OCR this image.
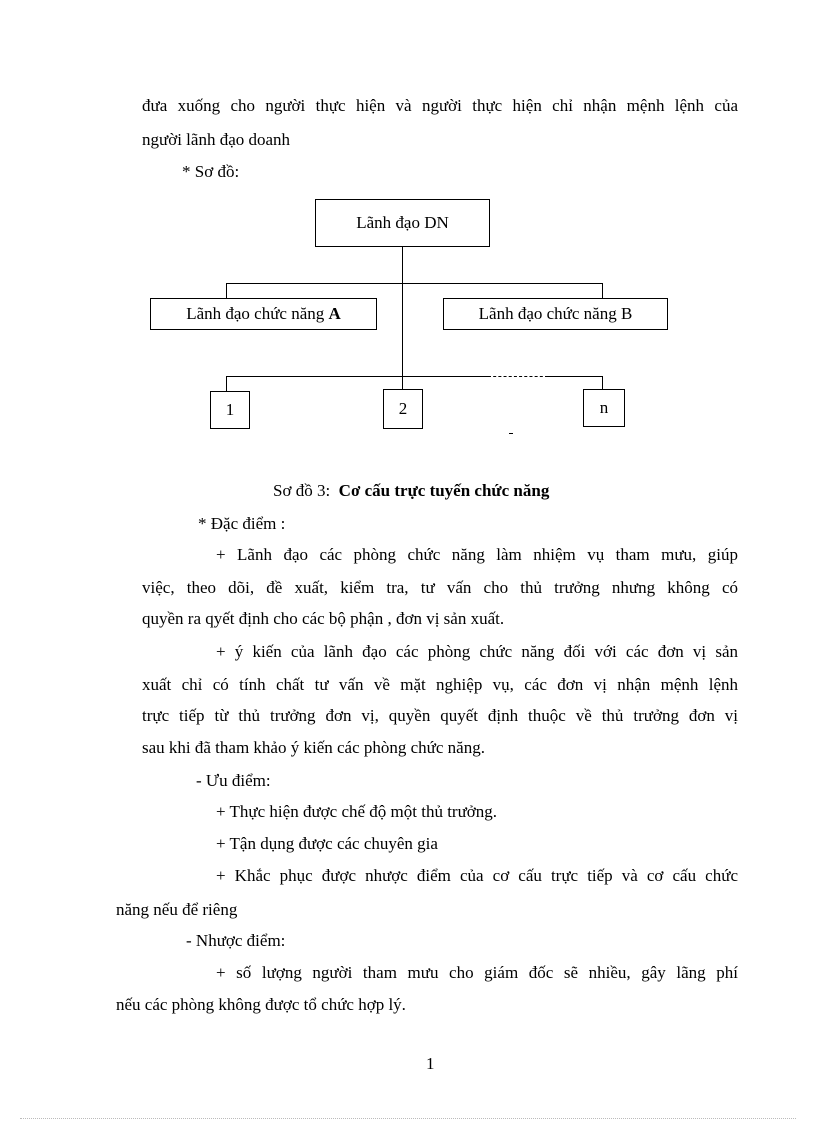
đưa xuống cho người thực hiện và người thực hiện chỉ nhận mệnh lệnh của
người lãnh đạo doanh
* Sơ đồ:
Lãnh đạo DN
Lãnh đạo chức năng A	Lãnh đạo chức năng B
1	2	n
Sơ đồ 3: Cơ cấu trực tuyến chức năng
* Đặc điểm :
+ Lãnh đạo các phòng chức năng làm nhiệm vụ tham mưu, giúp
việc, theo dõi, đề xuất, kiểm tra, tư vấn cho thủ trưởng nhưng không có
quyền ra qyết định cho các bộ phận , đơn vị sản xuất.
+ ý kiến của lãnh đạo các phòng chức năng đối với các đơn vị sản
xuất chỉ có tính chất tư vấn về mặt nghiệp vụ, các đơn vị nhận mệnh lệnh
trực tiếp từ thủ trưởng đơn vị, quyền quyết định thuộc về thủ trưởng đơn vị
sau khi đã tham khảo ý kiến các phòng chức năng.
- Ưu điểm:
+ Thực hiện được chế độ một thủ trưởng.
+ Tận dụng được các chuyên gia
+ Khắc phục được nhược điểm của cơ cấu trực tiếp và cơ cấu chức
năng nếu để riêng
- Nhược điểm:
+ số lượng người tham mưu cho giám đốc sẽ nhiều, gây lãng phí
nếu các phòng không được tổ chức hợp lý.
1
